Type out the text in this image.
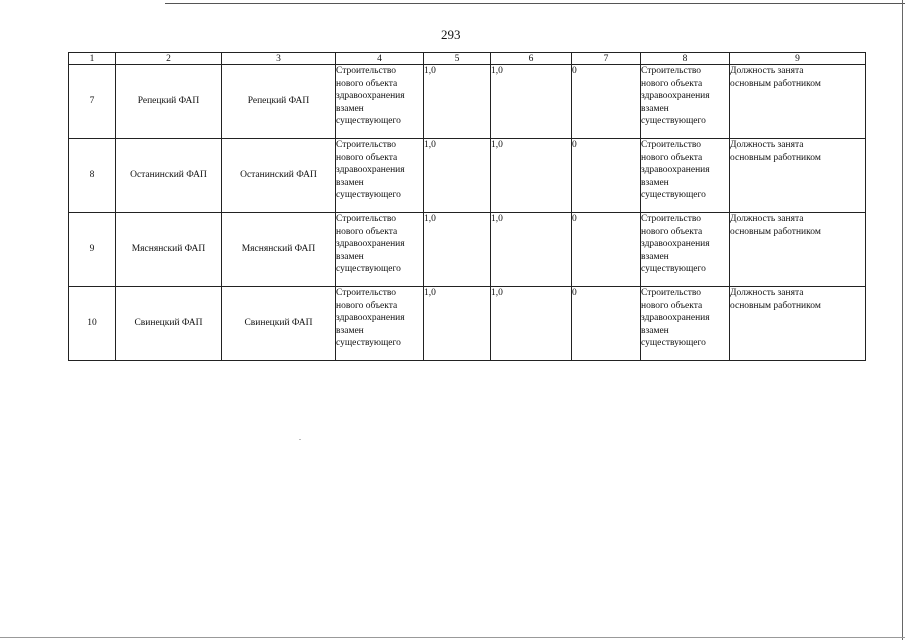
293
1	2	3	4	5	6	7	8	9
7	Репецкий ФАП	Репецкий ФАП	Строительство
нового объекта
здравоохранения
взамен
существующего	1,0	1,0	0	Строительство
нового объекта
здравоохранения
взамен
существующего	Должность занята
основным работником

8	Останинский ФАП	Останинский ФАП	Строительство
нового объекта
здравоохранения
взамен
существующего	1,0	1,0	0	Строительство
нового объекта
здравоохранения
взамен
существующего	Должность занята
основным работником

9	Мяснянский ФАП	Мяснянский ФАП	Строительство
нового объекта
здравоохранения
взамен
существующего	1,0	1,0	0	Строительство
нового объекта
здравоохранения
взамен
существующего	Должность занята
основным работником

10	Свинецкий ФАП	Свинецкий ФАП	Строительство
нового объекта
здравоохранения
взамен
существующего	1,0	1,0	0	Строительство
нового объекта
здравоохранения
взамен
существующего	Должность занята
основным работником
